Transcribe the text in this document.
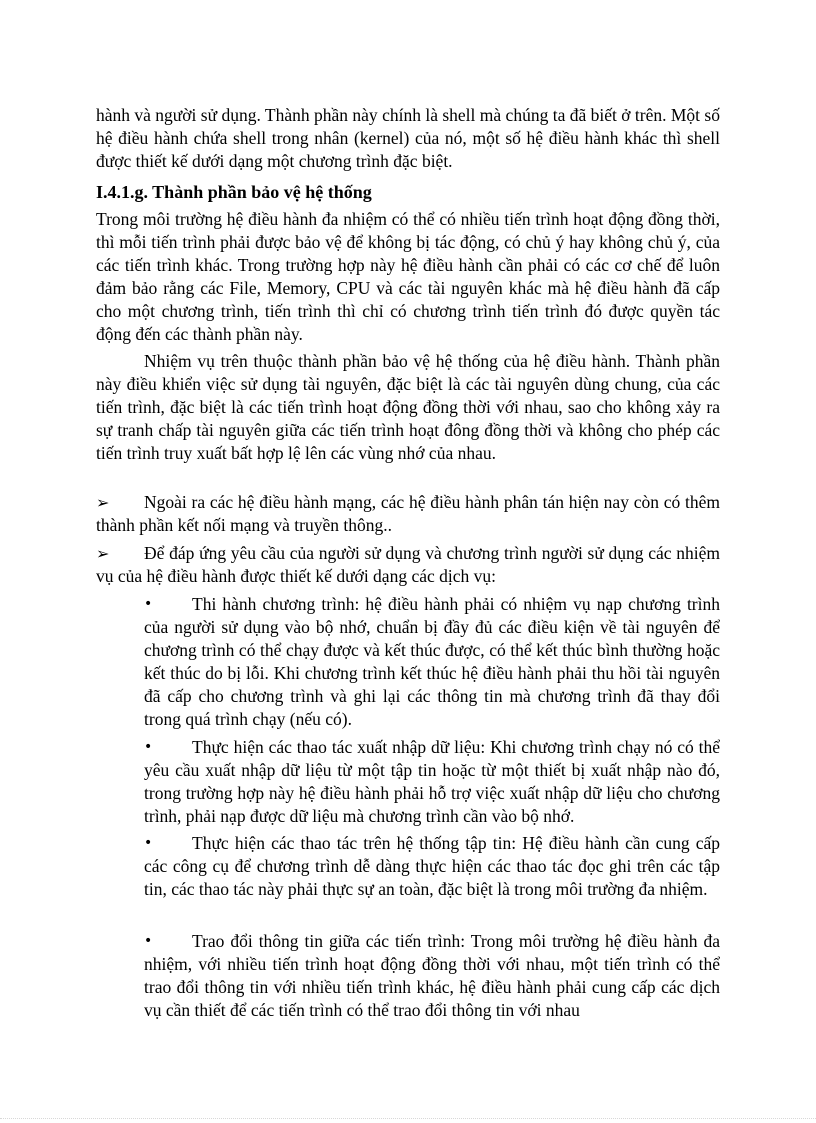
hành và người sử dụng. Thành phần này chính là shell mà chúng ta đã biết ở trên. Một số hệ điều hành chứa shell trong nhân (kernel) của nó, một số hệ điều hành khác thì shell được thiết kế dưới dạng một chương trình đặc biệt.

I.4.1.g. Thành phần bảo vệ hệ thống

Trong môi trường hệ điều hành đa nhiệm có thể có nhiều tiến trình hoạt động đồng thời, thì mỗi tiến trình phải được bảo vệ để không bị tác động, có chủ ý hay không chủ ý, của các tiến trình khác. Trong trường hợp này hệ điều hành cần phải có các cơ chế để luôn đảm bảo rằng các File, Memory, CPU và các tài nguyên khác mà hệ điều hành đã cấp cho một chương trình, tiến trình thì chỉ có chương trình tiến trình đó được quyền tác động đến các thành phần này.

Nhiệm vụ trên thuộc thành phần bảo vệ hệ thống của hệ điều hành. Thành phần này điều khiển việc sử dụng tài nguyên, đặc biệt là các tài nguyên dùng chung, của các tiến trình, đặc biệt là các tiến trình hoạt động đồng thời với nhau, sao cho không xảy ra sự tranh chấp tài nguyên giữa các tiến trình hoạt đông đồng thời và không cho phép các tiến trình truy xuất bất hợp lệ lên các vùng nhớ của nhau.

➢	Ngoài ra các hệ điều hành mạng, các hệ điều hành phân tán hiện nay còn có thêm thành phần kết nối mạng và truyền thông..
➢	Để đáp ứng yêu cầu của người sử dụng và chương trình người sử dụng các nhiệm vụ của hệ điều hành được thiết kế dưới dạng các dịch vụ:
•	Thi hành chương trình: hệ điều hành phải có nhiệm vụ nạp chương trình của người sử dụng vào bộ nhớ, chuẩn bị đầy đủ các điều kiện về tài nguyên để chương trình có thể chạy được và kết thúc được, có thể kết thúc bình thường hoặc kết thúc do bị lỗi. Khi chương trình kết thúc hệ điều hành phải thu hồi tài nguyên đã cấp cho chương trình và ghi lại các thông tin mà chương trình đã thay đổi trong quá trình chạy (nếu có).
•	Thực hiện các thao tác xuất nhập dữ liệu: Khi chương trình chạy nó có thể yêu cầu xuất nhập dữ liệu từ một tập tin hoặc từ một thiết bị xuất nhập nào đó, trong trường hợp này hệ điều hành phải hỗ trợ việc xuất nhập dữ liệu cho chương trình, phải nạp được dữ liệu mà chương trình cần vào bộ nhớ.
•	Thực hiện các thao tác trên hệ thống tập tin: Hệ điều hành cần cung cấp các công cụ để chương trình dễ dàng thực hiện các thao tác đọc ghi trên các tập tin, các thao tác này phải thực sự an toàn, đặc biệt là trong môi trường đa nhiệm.
•	Trao đổi thông tin giữa các tiến trình: Trong môi trường hệ điều hành đa nhiệm, với nhiều tiến trình hoạt động đồng thời với nhau, một tiến trình có thể trao đổi thông tin với nhiều tiến trình khác, hệ điều hành phải cung cấp các dịch vụ cần thiết để các tiến trình có thể trao đổi thông tin với nhau
